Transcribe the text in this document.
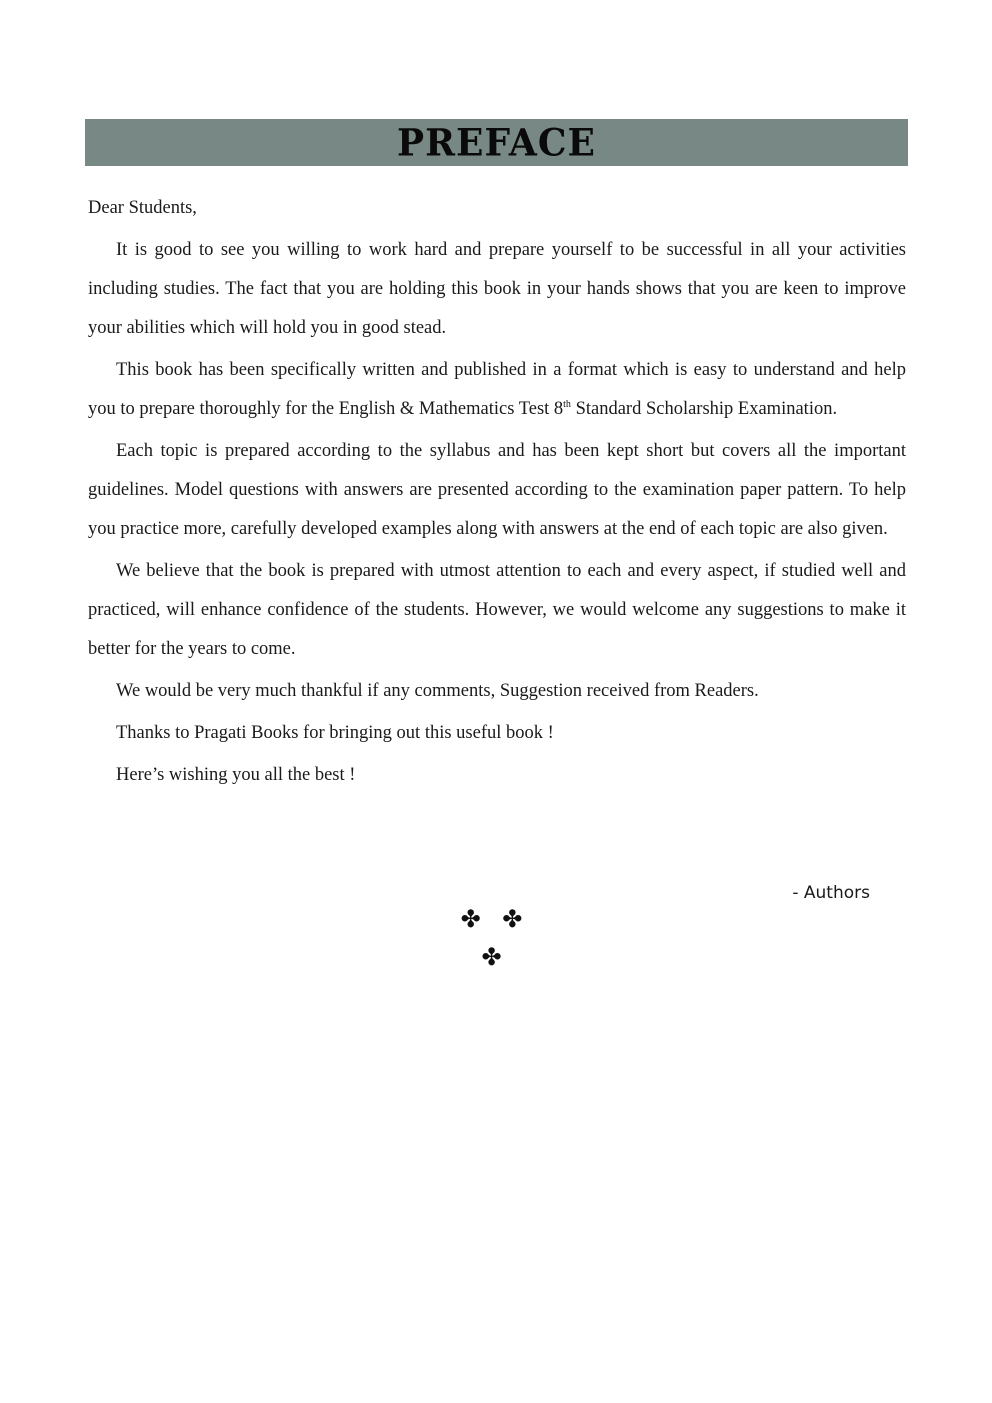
PREFACE

Dear Students,

It is good to see you willing to work hard and prepare yourself to be successful in all your activities including studies. The fact that you are holding this book in your hands shows that you are keen to improve your abilities which will hold you in good stead.

This book has been specifically written and published in a format which is easy to understand and help you to prepare thoroughly for the English & Mathematics Test 8th Standard Scholarship Examination.

Each topic is prepared according to the syllabus and has been kept short but covers all the important guidelines. Model questions with answers are presented according to the examination paper pattern. To help you practice more, carefully developed examples along with answers at the end of each topic are also given.

We believe that the book is prepared with utmost attention to each and every aspect, if studied well and practiced, will enhance confidence of the students. However, we would welcome any suggestions to make it better for the years to come.

We would be very much thankful if any comments, Suggestion received from Readers.

Thanks to Pragati Books for bringing out this useful book !

Here’s wishing you all the best !

- Authors
✤ ✤ ✤
